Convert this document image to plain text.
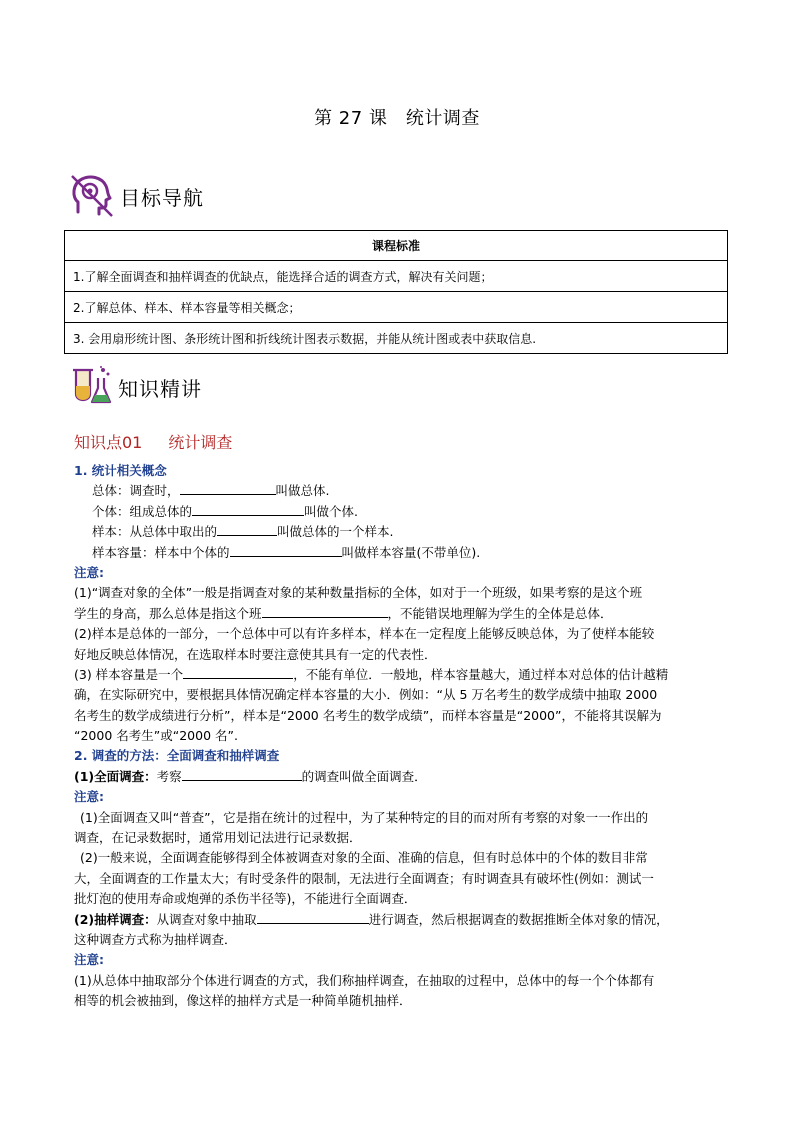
第 27 课　统计调查
目标导航
课程标准
1.了解全面调查和抽样调查的优缺点，能选择合适的调查方式，解决有关问题；
2.了解总体、样本、样本容量等相关概念；
3. 会用扇形统计图、条形统计图和折线统计图表示数据，并能从统计图或表中获取信息.
知识精讲
知识点01 统计调查
1. 统计相关概念
总体：调查时，	叫做总体.
个体：组成总体的	叫做个体.
样本：从总体中取出的	叫做总体的一个样本.
样本容量：样本中个体的	叫做样本容量(不带单位).
注意:
(1)“调查对象的全体”一般是指调查对象的某种数量指标的全体，如对于一个班级，如果考察的是这个班
学生的身高，那么总体是指这个班	，不能错误地理解为学生的全体是总体．
(2)样本是总体的一部分，一个总体中可以有许多样本，样本在一定程度上能够反映总体，为了使样本能较
好地反映总体情况，在选取样本时要注意使其具有一定的代表性．
(3) 样本容量是一个	，不能有单位．一般地，样本容量越大，通过样本对总体的估计越精
确，在实际研究中，要根据具体情况确定样本容量的大小．例如：“从 5 万名考生的数学成绩中抽取 2000
名考生的数学成绩进行分析”，样本是“2000 名考生的数学成绩”，而样本容量是“2000”，不能将其误解为
“2000 名考生”或“2000 名”.
2. 调查的方法：全面调查和抽样调查
(1)全面调查：考察	的调查叫做全面调查．
注意:
(1)全面调查又叫“普查”，它是指在统计的过程中，为了某种特定的目的而对所有考察的对象一一作出的
调查，在记录数据时，通常用划记法进行记录数据．
(2)一般来说，全面调查能够得到全体被调查对象的全面、准确的信息，但有时总体中的个体的数目非常
大，全面调查的工作量太大；有时受条件的限制，无法进行全面调查；有时调查具有破坏性(例如：测试一
批灯泡的使用寿命或炮弹的杀伤半径等)，不能进行全面调查．
(2)抽样调查：从调查对象中抽取	进行调查，然后根据调查的数据推断全体对象的情况，
这种调查方式称为抽样调查．
注意:
(1)从总体中抽取部分个体进行调查的方式，我们称抽样调查，在抽取的过程中，总体中的每一个个体都有
相等的机会被抽到，像这样的抽样方式是一种简单随机抽样．
